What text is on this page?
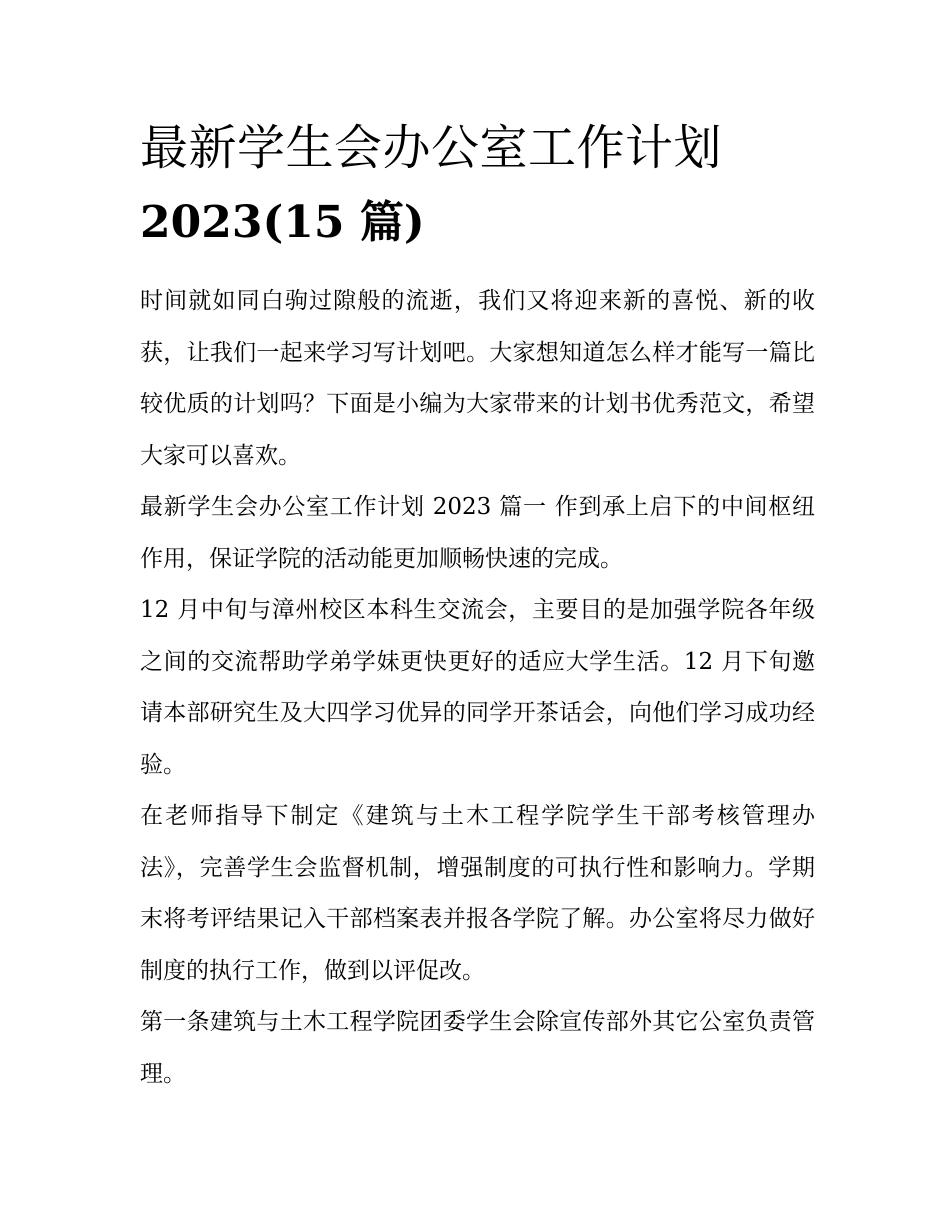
最新学生会办公室工作计划
2023(15 篇)

时间就如同白驹过隙般的流逝，我们又将迎来新的喜悦、新的收获，让我们一起来学习写计划吧。大家想知道怎么样才能写一篇比较优质的计划吗？下面是小编为大家带来的计划书优秀范文，希望大家可以喜欢。

最新学生会办公室工作计划 2023 篇一 作到承上启下的中间枢纽作用，保证学院的活动能更加顺畅快速的完成。

12 月中旬与漳州校区本科生交流会，主要目的是加强学院各年级之间的交流帮助学弟学妹更快更好的适应大学生活。12 月下旬邀请本部研究生及大四学习优异的同学开茶话会，向他们学习成功经验。

在老师指导下制定《建筑与土木工程学院学生干部考核管理办法》，完善学生会监督机制，增强制度的可执行性和影响力。学期末将考评结果记入干部档案表并报各学院了解。办公室将尽力做好制度的执行工作，做到以评促改。

第一条建筑与土木工程学院团委学生会除宣传部外其它公室负责管理。
